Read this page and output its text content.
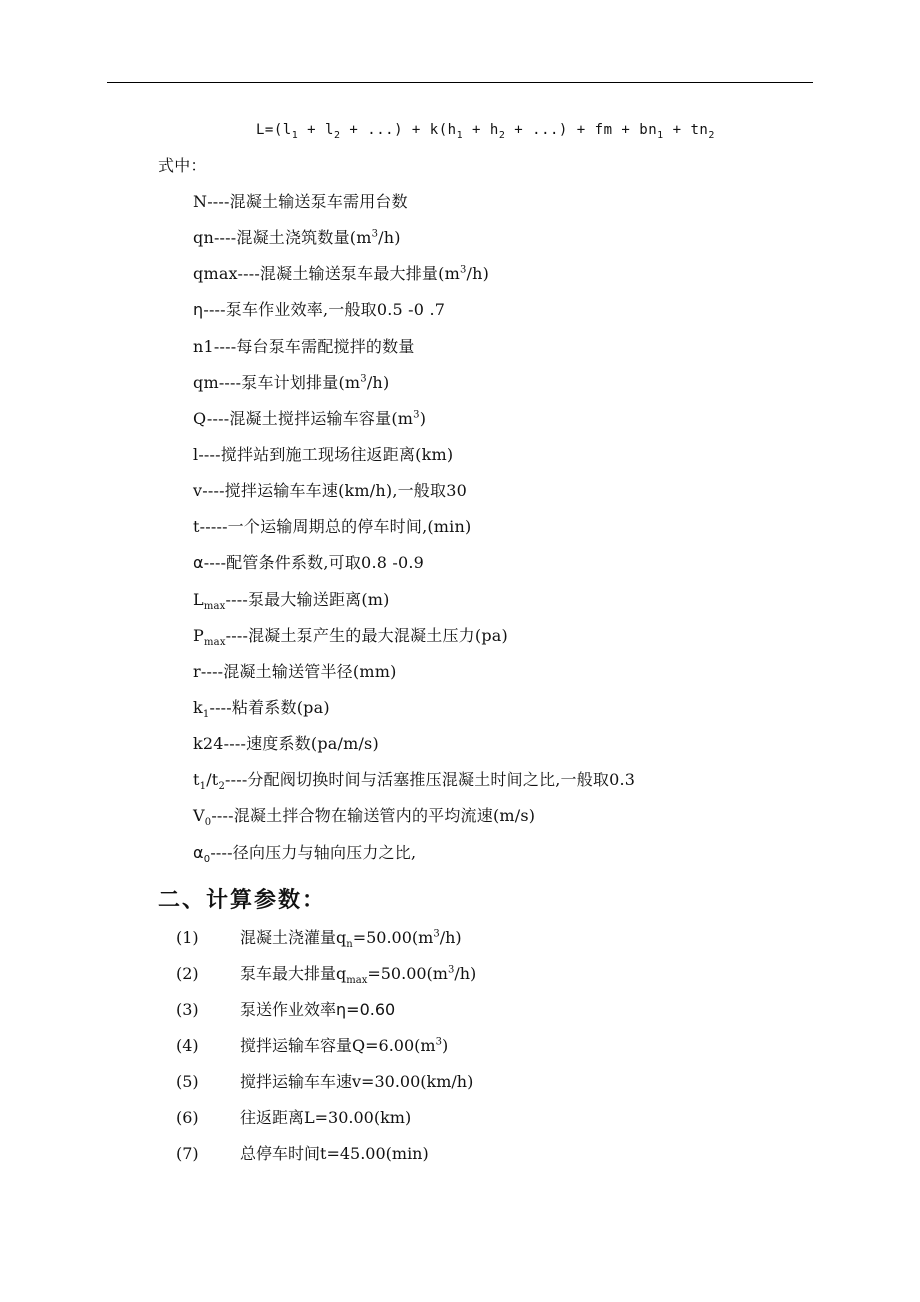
$L=(l_1 + l_2$ + ...) + $k(h_1 + h_2$ + ...) + fm + $bn_1 + tn_2$
式中：
N----混凝土输送泵车需用台数
qn----混凝土浇筑数量$(m^3/h)$
qmax----混凝土输送泵车最大排量$(m^3/h)$
η----泵车作业效率,一般取0.5 -0 .7
n1----每台泵车需配搅拌的数量
qm----泵车计划排量$(m^3/h)$
Q----混凝土搅拌运输车容量$(m^3)$
l----搅拌站到施工现场往返距离(km)
v----搅拌运输车车速(km/h),一般取30
t-----一个运输周期总的停车时间,(min)
α----配管条件系数,可取0.8 -0.9
$L_{max}----$泵最大输送距离(m)
$P_{max}----$混凝土泵产生的最大混凝土压力(pa)
r----混凝土输送管半径(mm)
$k_1----$粘着系数(pa)
k24----速度系数(pa/m/s)
$t_1/t_2----$分配阀切换时间与活塞推压混凝土时间之比,一般取0.3
$V_0----$混凝土拌合物在输送管内的平均流速(m/s)
$\alpha_0----$径向压力与轴向压力之比,
二、计算参数：
(1)	混凝土浇灌量$q_n=50.00(m^3/h)$
(2)	泵车最大排量$q_{max}=50.00(m^3/h)$
(3)	泵送作业效率η=0.60
(4)	搅拌运输车容量$Q=6.00(m^3)$
(5)	搅拌运输车车速v=30.00(km/h)
(6)	往返距离L=30.00(km)
(7)	总停车时间t=45.00(min)
